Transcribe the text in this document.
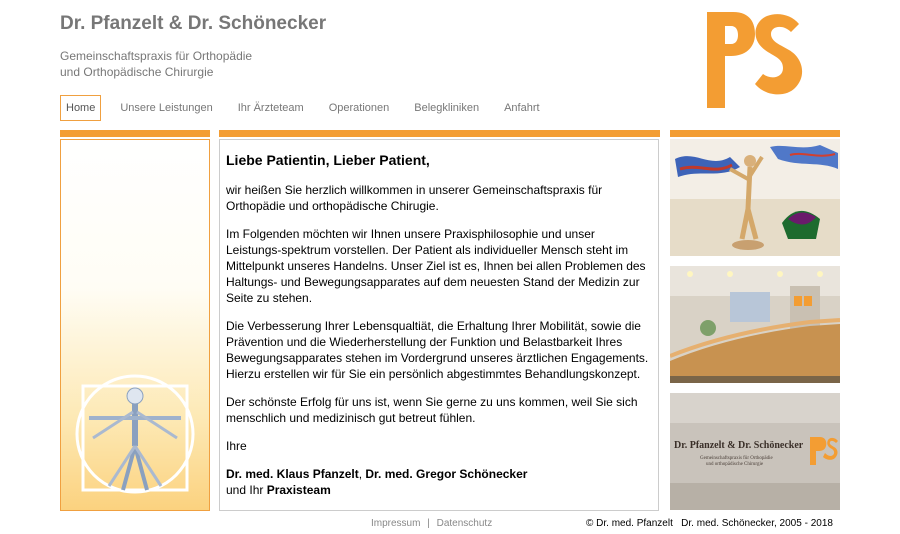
Dr. Pfanzelt & Dr. Schönecker
Gemeinschaftspraxis für Orthopädie
und Orthopädische Chirurgie
Home	Unsere Leistungen	Ihr Ärzteteam	Operationen	Belegkliniken	Anfahrt
Liebe Patientin, Lieber Patient,

wir heißen Sie herzlich willkommen in unserer Gemeinschaftspraxis für Orthopädie und orthopädische Chirugie.

Im Folgenden möchten wir Ihnen unsere Praxisphilosophie und unser Leistungs-spektrum vorstellen. Der Patient als individueller Mensch steht im Mittelpunkt unseres Handelns. Unser Ziel ist es, Ihnen bei allen Problemen des Haltungs- und Bewegungsapparates auf dem neuesten Stand der Medizin zur Seite zu stehen.

Die Verbesserung Ihrer Lebensqualtiät, die Erhaltung Ihrer Mobilität, sowie die Prävention und die Wiederherstellung der Funktion und Belastbarkeit Ihres Bewegungsapparates stehen im Vordergrund unseres ärztlichen Engagements. Hierzu erstellen wir für Sie ein persönlich abgestimmtes Behandlungskonzept.

Der schönste Erfolg für uns ist, wenn Sie gerne zu uns kommen, weil Sie sich menschlich und medizinisch gut betreut fühlen.

Ihre

Dr. med. Klaus Pfanzelt, Dr. med. Gregor Schönecker
und Ihr Praxisteam

Dr. Pfanzelt & Dr. Schönecker
Gemeinschaftspraxis für Orthopädie
und orthopädische Chirurgie
Impressum | Datenschutz	© Dr. med. Pfanzelt   Dr. med. Schönecker, 2005 - 2018
